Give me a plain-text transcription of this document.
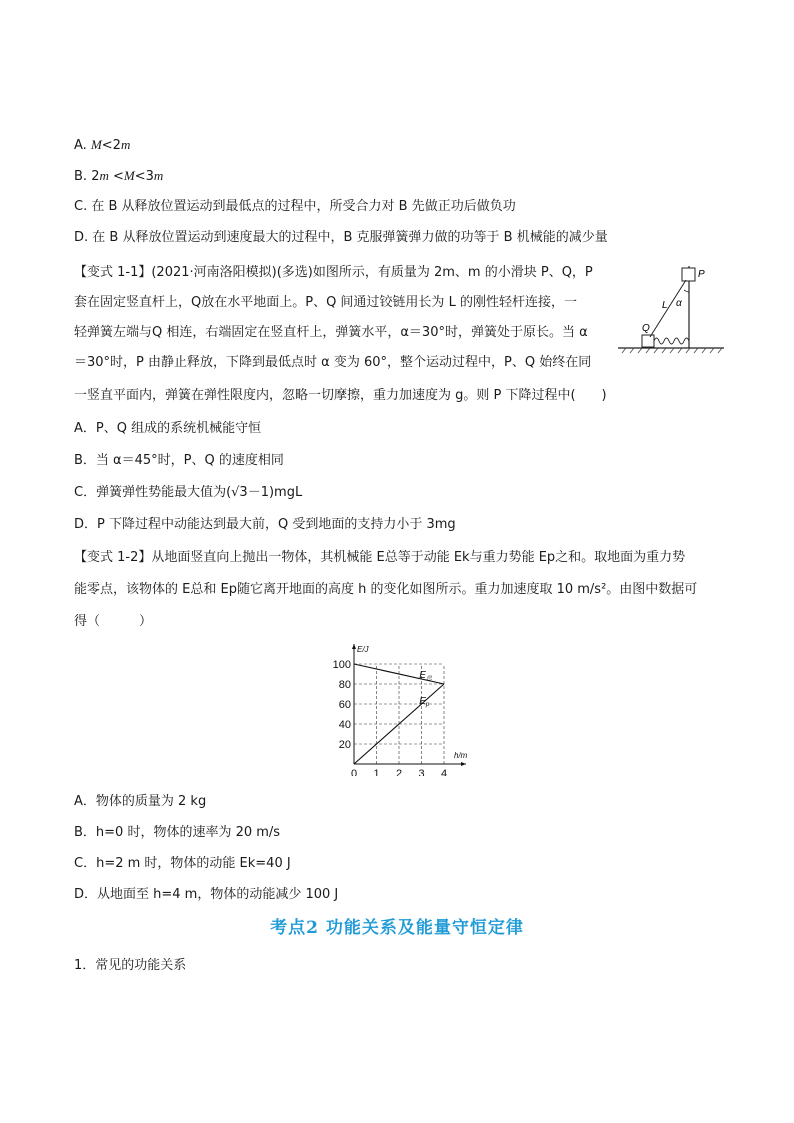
A. M<2m
B. 2m <M<3m
C. 在 B 从释放位置运动到最低点的过程中，所受合力对 B 先做正功后做负功
D. 在 B 从释放位置运动到速度最大的过程中，B 克服弹簧弹力做的功等于 B 机械能的减少量
【变式 1-1】(2021·河南洛阳模拟)(多选)如图所示，有质量为 2m、m 的小滑块 P、Q，P
套在固定竖直杆上，Q放在水平地面上。P、Q 间通过铰链用长为 L 的刚性轻杆连接，一
轻弹簧左端与Q 相连，右端固定在竖直杆上，弹簧水平，α＝30°时，弹簧处于原长。当 α
＝30°时，P 由静止释放，下降到最低点时 α 变为 60°，整个运动过程中，P、Q 始终在同
一竖直平面内，弹簧在弹性限度内，忽略一切摩擦，重力加速度为 g。则 P 下降过程中(　　)
A．P、Q 组成的系统机械能守恒
B．当 α＝45°时，P、Q 的速度相同
C．弹簧弹性势能最大值为(√3－1)mgL
D．P 下降过程中动能达到最大前，Q 受到地面的支持力小于 3mg
P
Q
L α
【变式 1-2】从地面竖直向上抛出一物体，其机械能 E总等于动能 Ek与重力势能 Ep之和。取地面为重力势
能零点，该物体的 E总和 Ep随它离开地面的高度 h 的变化如图所示。重力加速度取 10 m/s²。由图中数据可
得（　　　）
20
40
60
80
100
0 1 2 3 4
E/J
h/m
$E_总$
$E_p$
A．物体的质量为 2 kg
B．h=0 时，物体的速率为 20 m/s
C．h=2 m 时，物体的动能 Ek=40 J
D．从地面至 h=4 m，物体的动能减少 100 J
考点2 功能关系及能量守恒定律
1．常见的功能关系
